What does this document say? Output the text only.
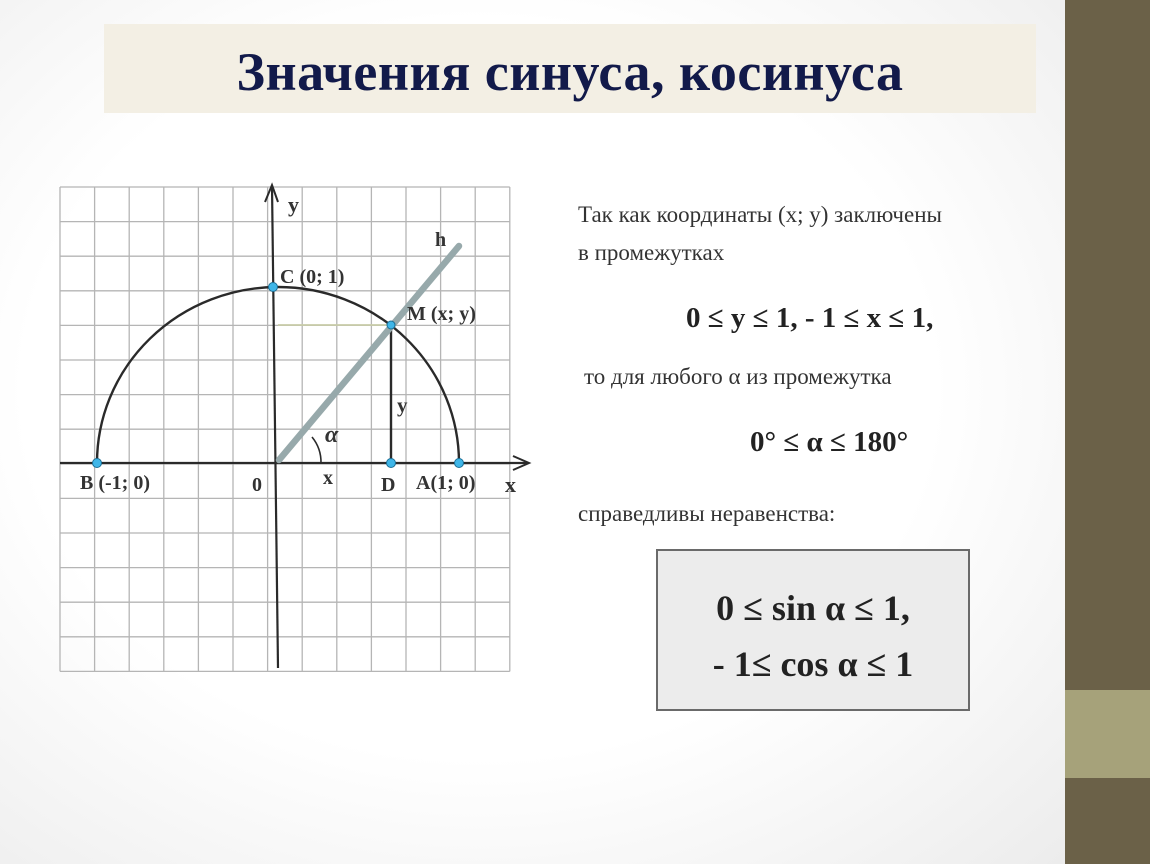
Значения синуса, косинуса
y
x
h
C (0; 1)
M (x; y)
y
α
x
0
B (-1; 0)	D A(1; 0)
Так как координаты (x; y) заключены
в промежутках
0 ≤ y ≤ 1, - 1 ≤ x ≤ 1,
то для любого α из промежутка
0° ≤ α ≤ 180°
справедливы неравенства:
0 ≤ sin α ≤ 1,
- 1≤ cos α ≤ 1
